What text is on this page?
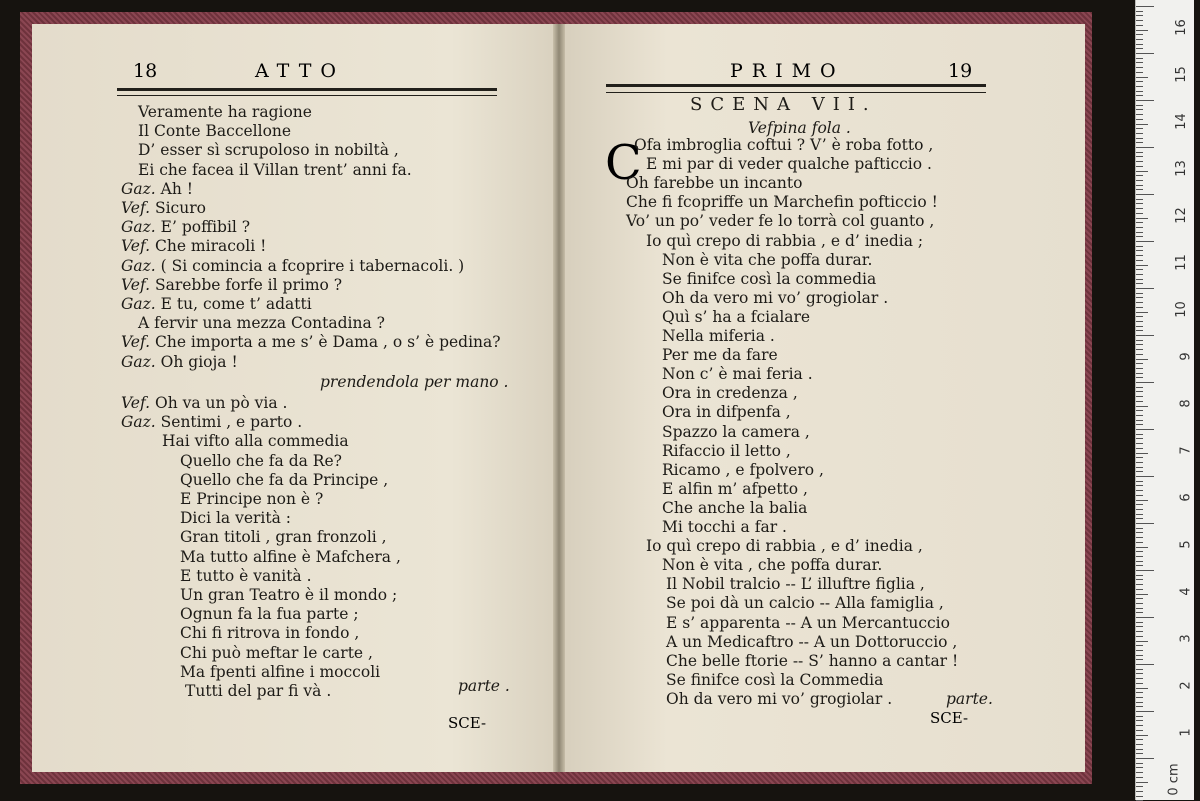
18	ATTO
Veramente ha ragione
Il Conte Baccellone
D’ esser sì scrupoloso in nobiltà ,
Ei che facea il Villan trent’ anni fa.
Gaz. Ah !
Vef. Sicuro
Gaz. E’ poffibil ?
Vef. Che miracoli !
Gaz. ( Si comincia a fcoprire i tabernacoli. )
Vef. Sarebbe forfe il primo ?
Gaz. E tu, come t’ adatti
A fervir una mezza Contadina ?
Vef. Che importa a me s’ è Dama , o s’ è pedina?
Gaz. Oh gioja !
prendendola per mano .
Vef. Oh va un pò via .
Gaz. Sentimi , e parto .
Hai vifto alla commedia
Quello che fa da Re?
Quello che fa da Principe ,
E Principe non è ?
Dici la verità :
Gran titoli , gran fronzoli ,
Ma tutto alfine è Mafchera ,
E tutto è vanità .
Un gran Teatro è il mondo ;
Ognun fa la fua parte ;
Chi fi ritrova in fondo ,
Chi può meftar le carte ,
Ma fpenti alfine i moccoli
Tutti del par fi và .	parte .
SCE-
PRIMO	19
SCENA VII.
Vefpina fola .
C
Ofa imbroglia coftui ? V’ è roba fotto ,
E mi par di veder qualche pafticcio .
Oh farebbe un incanto
Che fi fcopriffe un Marchefin pofticcio !
Vo’ un po’ veder fe lo torrà col guanto ,
Io quì crepo di rabbia , e d’ inedia ;
Non è vita che poffa durar.
Se finifce così la commedia
Oh da vero mi vo’ grogiolar .
Quì s’ ha a fcialare
Nella miferia .
Per me da fare
Non c’ è mai feria .
Ora in credenza ,
Ora in difpenfa ,
Spazzo la camera ,
Rifaccio il letto ,
Ricamo , e fpolvero ,
E alfin m’ afpetto ,
Che anche la balia
Mi tocchi a far .
Io quì crepo di rabbia , e d’ inedia ,
Non è vita , che poffa durar.
Il Nobil tralcio -- L’ illuftre figlia ,
Se poi dà un calcio -- Alla famiglia ,
E s’ apparenta -- A un Mercantuccio
A un Medicaftro -- A un Dottoruccio ,
Che belle ftorie -- S’ hanno a cantar !
Se finifce così la Commedia
Oh da vero mi vo’ grogiolar .	parte.
SCE-
16
15
14
13
12
11
10
9
8
7
6
5
4
3
2
1
0 cm
